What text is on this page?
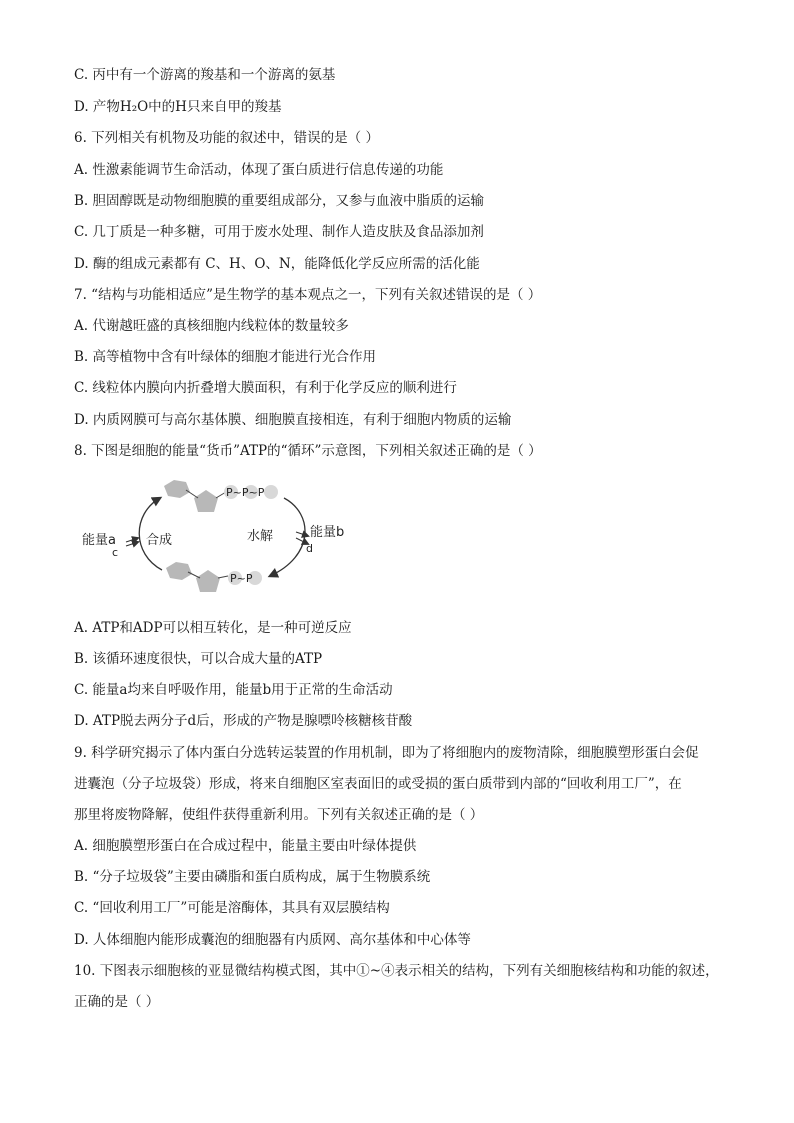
C. 丙中有一个游离的羧基和一个游离的氨基
D. 产物H₂O中的H只来自甲的羧基
6. 下列相关有机物及功能的叙述中，错误的是（ ）
A. 性激素能调节生命活动，体现了蛋白质进行信息传递的功能
B. 胆固醇既是动物细胞膜的重要组成部分，又参与血液中脂质的运输
C. 几丁质是一种多糖，可用于废水处理、制作人造皮肤及食品添加剂
D. 酶的组成元素都有 C、H、O、N，能降低化学反应所需的活化能
7. “结构与功能相适应”是生物学的基本观点之一，下列有关叙述错误的是（ ）
A. 代谢越旺盛的真核细胞内线粒体的数量较多
B. 高等植物中含有叶绿体的细胞才能进行光合作用
C. 线粒体内膜向内折叠增大膜面积，有利于化学反应的顺利进行
D. 内质网膜可与高尔基体膜、细胞膜直接相连，有利于细胞内物质的运输
8. 下图是细胞的能量“货币”ATP的“循环”示意图，下列相关叙述正确的是（ ）
P~P~P
P~P
能量a
c
合成	水解	能量b
d
A. ATP和ADP可以相互转化，是一种可逆反应
B. 该循环速度很快，可以合成大量的ATP
C. 能量a均来自呼吸作用，能量b用于正常的生命活动
D. ATP脱去两分子d后，形成的产物是腺嘌呤核糖核苷酸
9. 科学研究揭示了体内蛋白分选转运装置的作用机制，即为了将细胞内的废物清除，细胞膜塑形蛋白会促
进囊泡（分子垃圾袋）形成，将来自细胞区室表面旧的或受损的蛋白质带到内部的“回收利用工厂”，在
那里将废物降解，使组件获得重新利用。下列有关叙述正确的是（ ）
A. 细胞膜塑形蛋白在合成过程中，能量主要由叶绿体提供
B. “分子垃圾袋”主要由磷脂和蛋白质构成，属于生物膜系统
C. “回收利用工厂”可能是溶酶体，其具有双层膜结构
D. 人体细胞内能形成囊泡的细胞器有内质网、高尔基体和中心体等
10. 下图表示细胞核的亚显微结构模式图，其中①~④表示相关的结构，下列有关细胞核结构和功能的叙述，
正确的是（ ）
